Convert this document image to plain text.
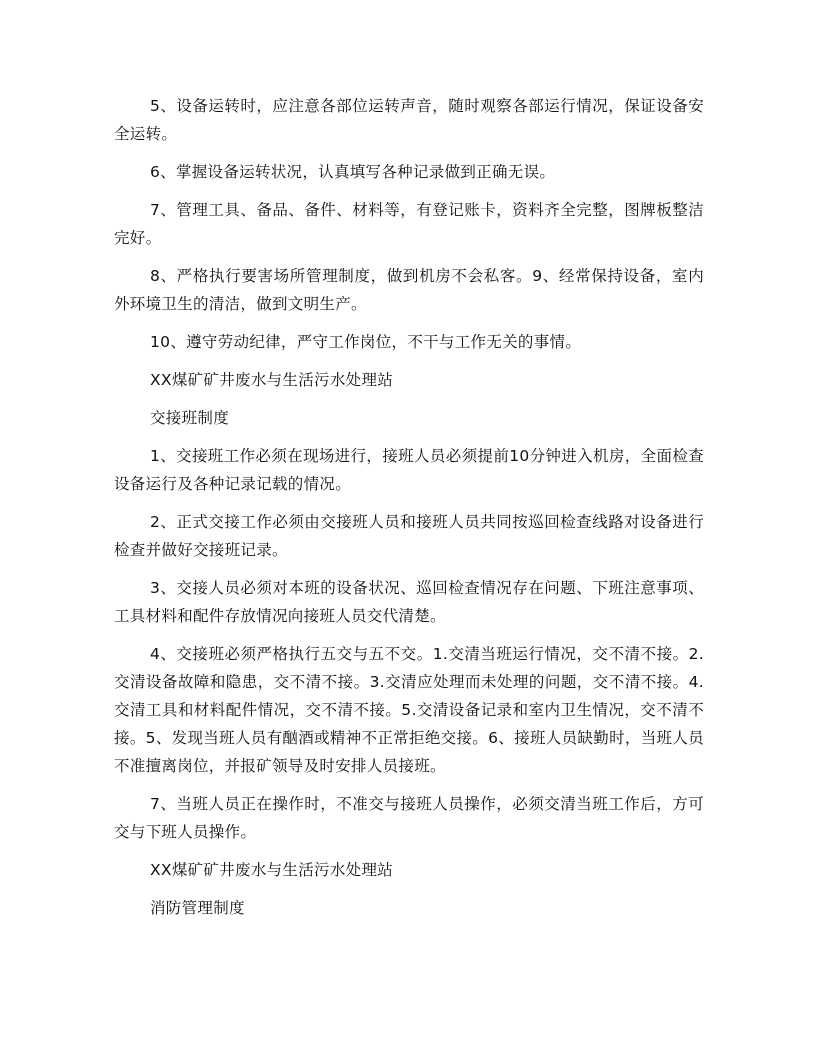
5、设备运转时，应注意各部位运转声音，随时观察各部运行情况，保证设备安全运转。

6、掌握设备运转状况，认真填写各种记录做到正确无误。

7、管理工具、备品、备件、材料等，有登记账卡，资料齐全完整，图牌板整洁完好。

8、严格执行要害场所管理制度，做到机房不会私客。9、经常保持设备，室内外环境卫生的清洁，做到文明生产。

10、遵守劳动纪律，严守工作岗位，不干与工作无关的事情。

XX煤矿矿井废水与生活污水处理站

交接班制度

1、交接班工作必须在现场进行，接班人员必须提前10分钟进入机房，全面检查设备运行及各种记录记载的情况。

2、正式交接工作必须由交接班人员和接班人员共同按巡回检查线路对设备进行检查并做好交接班记录。

3、交接人员必须对本班的设备状况、巡回检查情况存在问题、下班注意事项、工具材料和配件存放情况向接班人员交代清楚。

4、交接班必须严格执行五交与五不交。1.交清当班运行情况，交不清不接。2.交清设备故障和隐患，交不清不接。3.交清应处理而未处理的问题，交不清不接。4.交清工具和材料配件情况，交不清不接。5.交清设备记录和室内卫生情况，交不清不接。5、发现当班人员有酗酒或精神不正常拒绝交接。6、接班人员缺勤时，当班人员不准擅离岗位，并报矿领导及时安排人员接班。

7、当班人员正在操作时，不准交与接班人员操作，必须交清当班工作后，方可交与下班人员操作。

XX煤矿矿井废水与生活污水处理站

消防管理制度
